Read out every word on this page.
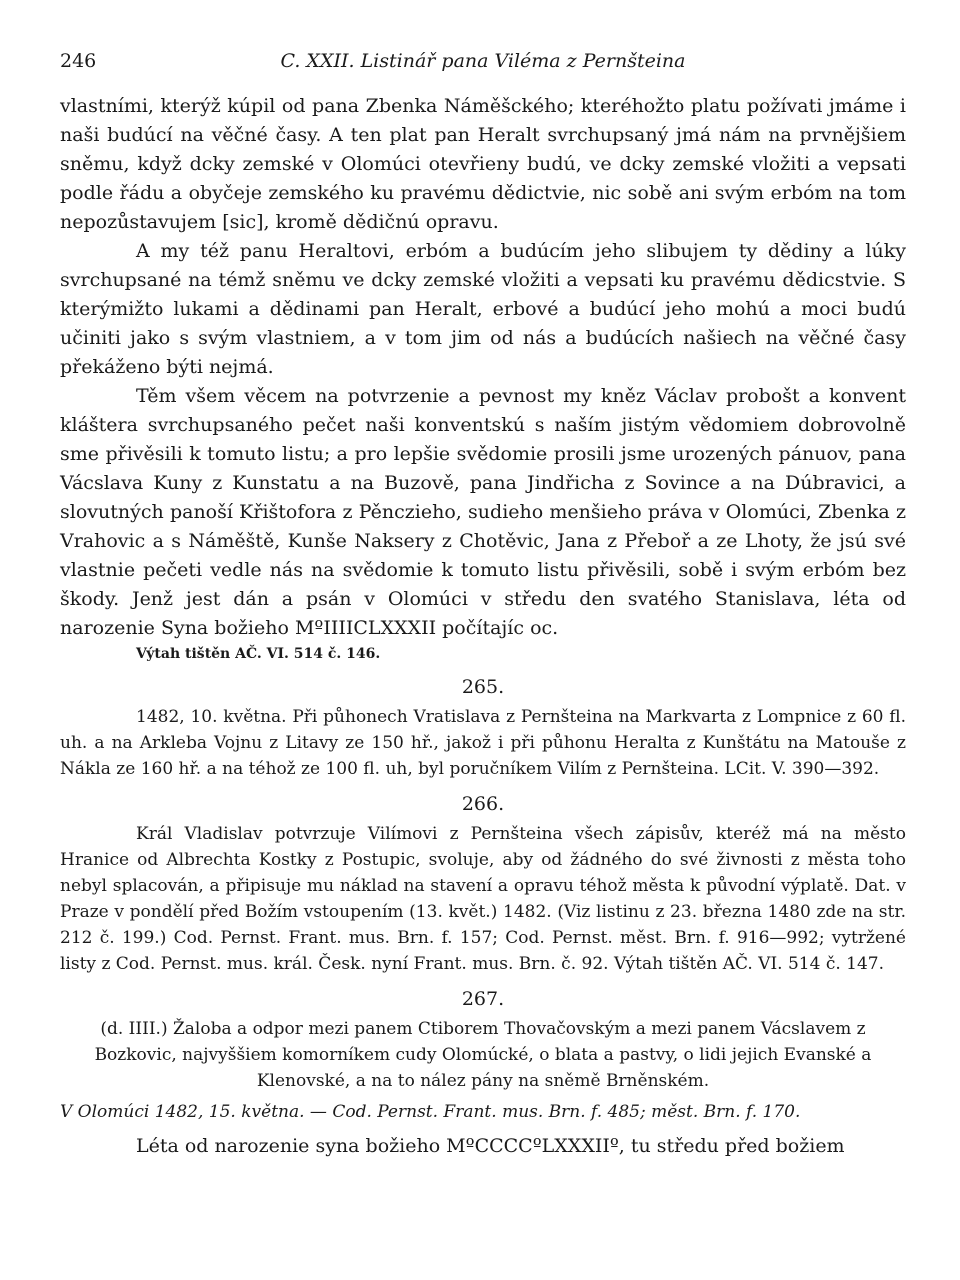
246	C. XXII. Listinář pana Viléma z Pernšteina

vlastními, kterýž kúpil od pana Zbenka Náměšckého; kteréhožto platu požívati jmáme i naši budúcí na věčné časy. A ten plat pan Heralt svrchupsaný jmá nám na prvnějšiem sněmu, když dcky zemské v Olomúci otevřieny budú, ve dcky zemské vložiti a vepsati podle řádu a obyčeje zemského ku pravému dědictvie, nic sobě ani svým erbóm na tom nepozůstavujem [sic], kromě dědičnú opravu.

A my též panu Heraltovi, erbóm a budúcím jeho slibujem ty dědiny a lúky svrchupsané na témž sněmu ve dcky zemské vložiti a vepsati ku pravému dědicstvie. S kterýmižto lukami a dědinami pan Heralt, erbové a budúcí jeho mohú a moci budú učiniti jako s svým vlastniem, a v tom jim od nás a budúcích našiech na věčné časy překáženo býti nejmá.

Těm všem věcem na potvrzenie a pevnost my kněz Václav probošt a konvent kláštera svrchupsaného pečet naši konventskú s naším jistým vědomiem dobrovolně sme přivěsili k tomuto listu; a pro lepšie svědomie prosili jsme urozených pánuov, pana Vácslava Kuny z Kunstatu a na Buzově, pana Jindřicha z Sovince a na Dúbravici, a slovutných panoší Křištofora z Pěnczieho, sudieho menšieho práva v Olomúci, Zbenka z Vrahovic a s Náměště, Kunše Naksery z Chotěvic, Jana z Přeboř a ze Lhoty, že jsú své vlastnie pečeti vedle nás na svědomie k tomuto listu přivěsili, sobě i svým erbóm bez škody. Jenž jest dán a psán v Olomúci v středu den svatého Stanislava, léta od narozenie Syna božieho MºIIIICLXXXII počítajíc oc.

Výtah tištěn AČ. VI. 514 č. 146.

265.

1482, 10. května. Při půhonech Vratislava z Pernšteina na Markvarta z Lompnice z 60 fl. uh. a na Arkleba Vojnu z Litavy ze 150 hř., jakož i při půhonu Heralta z Kunštátu na Matouše z Nákla ze 160 hř. a na téhož ze 100 fl. uh, byl poručníkem Vilím z Pernšteina. LCit. V. 390—392.

266.

Král Vladislav potvrzuje Vilímovi z Pernšteina všech zápisův, kteréž má na město Hranice od Albrechta Kostky z Postupic, svoluje, aby od žádného do své živnosti z města toho nebyl splacován, a připisuje mu náklad na stavení a opravu téhož města k původní výplatě. Dat. v Praze v pondělí před Božím vstoupením (13. květ.) 1482. (Viz listinu z 23. března 1480 zde na str. 212 č. 199.) Cod. Pernst. Frant. mus. Brn. f. 157; Cod. Pernst. měst. Brn. f. 916—992; vytržené listy z Cod. Pernst. mus. král. Česk. nyní Frant. mus. Brn. č. 92. Výtah tištěn AČ. VI. 514 č. 147.

267.

(d. IIII.) Žaloba a odpor mezi panem Ctiborem Thovačovským a mezi panem Vácslavem z Bozkovic, najvyššiem komorníkem cudy Olomúcké, o blata a pastvy, o lidi jejich Evanské a Klenovské, a na to nález pány na sněmě Brněnském.

V Olomúci 1482, 15. května. — Cod. Pernst. Frant. mus. Brn. f. 485; měst. Brn. f. 170.

Léta od narozenie syna božieho MºCCCCºLXXXIIº, tu středu před božiem
